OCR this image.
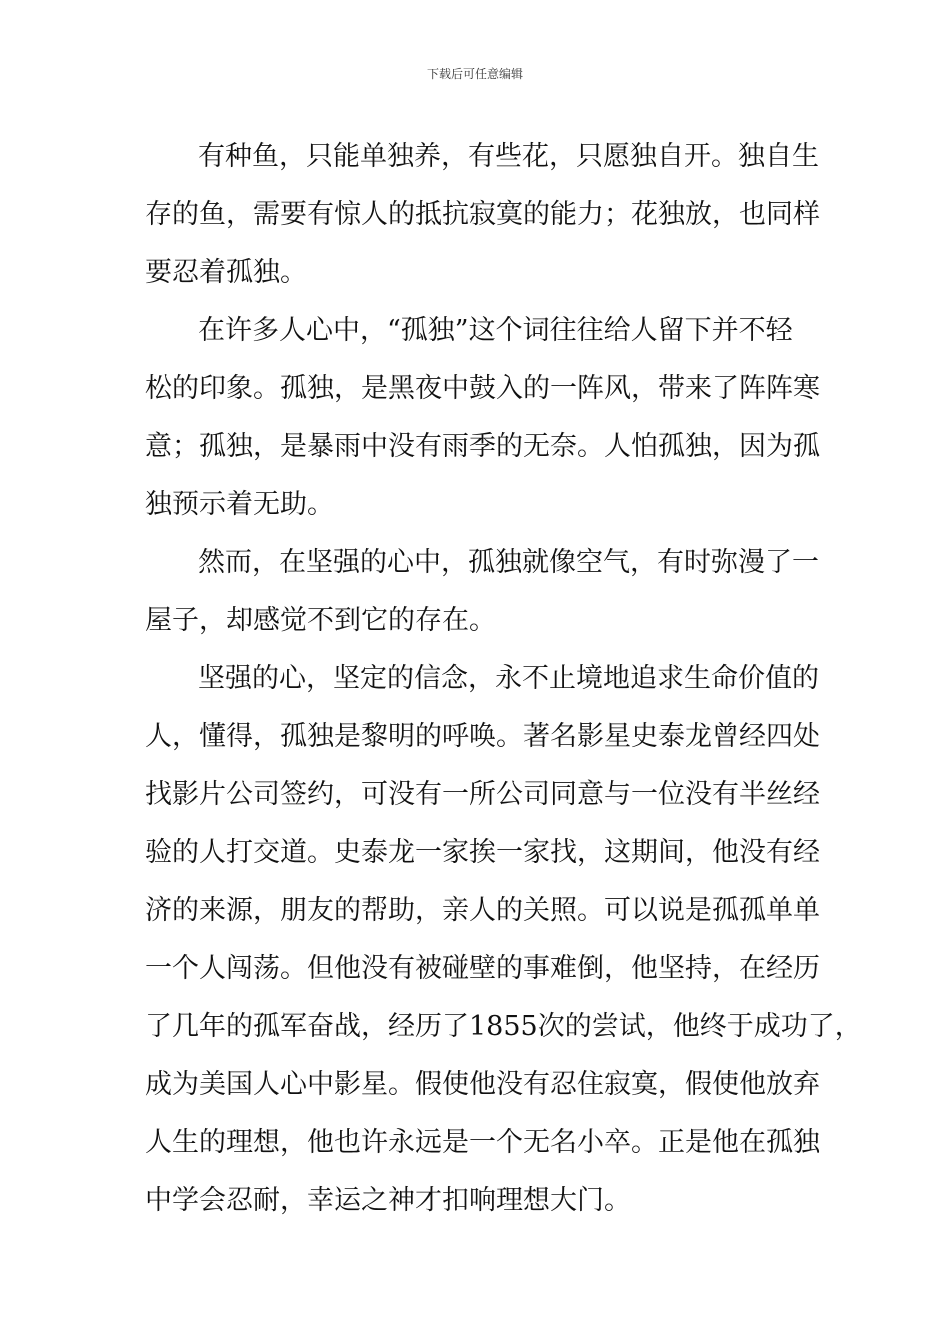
下载后可任意编辑
有种鱼，只能单独养，有些花，只愿独自开。独自生
存的鱼，需要有惊人的抵抗寂寞的能力；花独放，也同样
要忍着孤独。
在许多人心中，“孤独”这个词往往给人留下并不轻
松的印象。孤独，是黑夜中鼓入的一阵风，带来了阵阵寒
意；孤独，是暴雨中没有雨季的无奈。人怕孤独，因为孤
独预示着无助。
然而，在坚强的心中，孤独就像空气，有时弥漫了一
屋子，却感觉不到它的存在。
坚强的心，坚定的信念，永不止境地追求生命价值的
人，懂得，孤独是黎明的呼唤。著名影星史泰龙曾经四处
找影片公司签约，可没有一所公司同意与一位没有半丝经
验的人打交道。史泰龙一家挨一家找，这期间，他没有经
济的来源，朋友的帮助，亲人的关照。可以说是孤孤单单
一个人闯荡。但他没有被碰壁的事难倒，他坚持，在经历
了几年的孤军奋战，经历了1855次的尝试，他终于成功了，
成为美国人心中影星。假使他没有忍住寂寞，假使他放弃
人生的理想，他也许永远是一个无名小卒。正是他在孤独
中学会忍耐，幸运之神才扣响理想大门。
